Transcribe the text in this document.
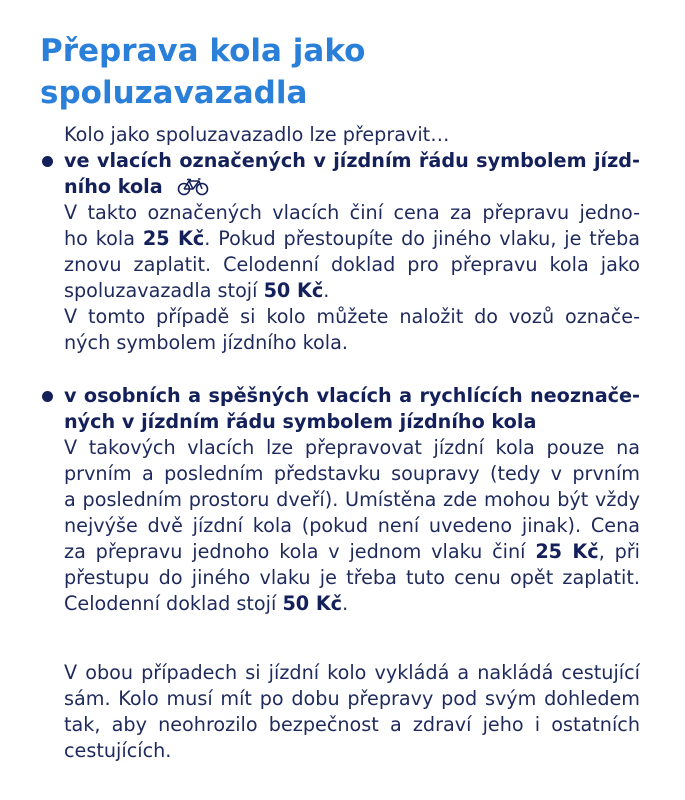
Přeprava kola jako
spoluzavazadla

Kolo jako spoluzavazadlo lze přepravit…

ve vlacích označených v jízdním řádu symbolem jízd-
ního kola

V takto označených vlacích činí cena za přepravu jedno-

ho kola 25 Kč. Pokud přestoupíte do jiného vlaku, je třeba

znovu zaplatit. Celodenní doklad pro přepravu kola jako

spoluzavazadla stojí 50 Kč.

V tomto případě si kolo můžete naložit do vozů označe-

ných symbolem jízdního kola.

v osobních a spěšných vlacích a rychlících neoznače-
ných v jízdním řádu symbolem jízdního kola

V takových vlacích lze přepravovat jízdní kola pouze na

prvním a posledním představku soupravy (tedy v prvním

a posledním prostoru dveří). Umístěna zde mohou být vždy

nejvýše dvě jízdní kola (pokud není uvedeno jinak). Cena

za přepravu jednoho kola v jednom vlaku činí 25 Kč, při

přestupu do jiného vlaku je třeba tuto cenu opět zaplatit.

Celodenní doklad stojí 50 Kč.

V obou případech si jízdní kolo vykládá a nakládá cestující

sám. Kolo musí mít po dobu přepravy pod svým dohledem

tak, aby neohrozilo bezpečnost a zdraví jeho i ostatních

cestujících.
